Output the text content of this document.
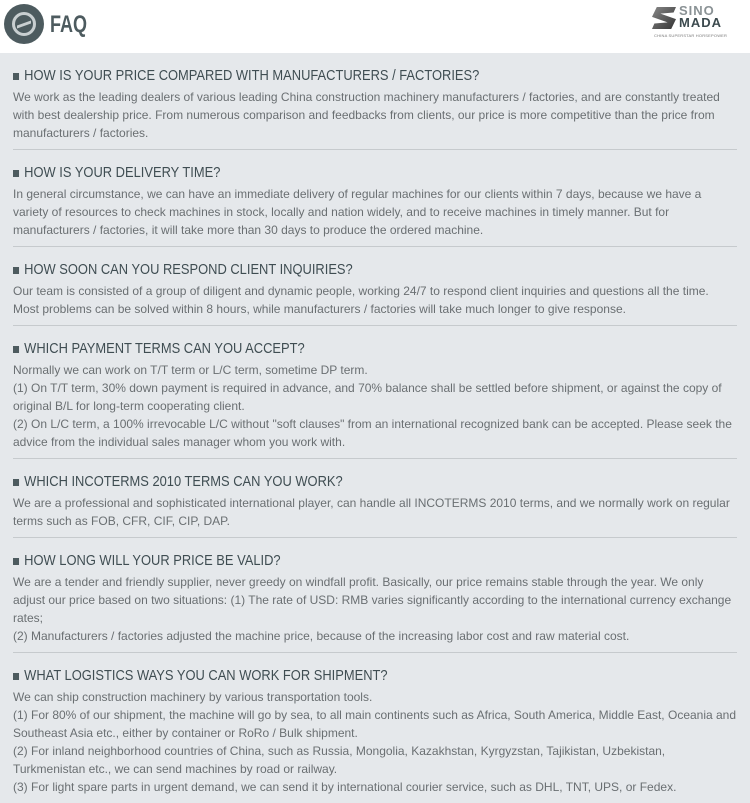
FAQ
SINO
MADA
CHINA SUPERSTAR HORSEPOWER
HOW IS YOUR PRICE COMPARED WITH MANUFACTURERS / FACTORIES?

We work as the leading dealers of various leading China construction machinery manufacturers / factories, and are constantly treated with best dealership price. From numerous comparison and feedbacks from clients, our price is more competitive than the price from manufacturers / factories.

HOW IS YOUR DELIVERY TIME?

In general circumstance, we can have an immediate delivery of regular machines for our clients within 7 days, because we have a variety of resources to check machines in stock, locally and nation widely, and to receive machines in timely manner. But for manufacturers / factories, it will take more than 30 days to produce the ordered machine.

HOW SOON CAN YOU RESPOND CLIENT INQUIRIES?

Our team is consisted of a group of diligent and dynamic people, working 24/7 to respond client inquiries and questions all the time. Most problems can be solved within 8 hours, while manufacturers / factories will take much longer to give response.

WHICH PAYMENT TERMS CAN YOU ACCEPT?

Normally we can work on T/T term or L/C term, sometime DP term.

(1) On T/T term, 30% down payment is required in advance, and 70% balance shall be settled before shipment, or against the copy of original B/L for long-term cooperating client.

(2) On L/C term, a 100% irrevocable L/C without "soft clauses" from an international recognized bank can be accepted. Please seek the advice from the individual sales manager whom you work with.

WHICH INCOTERMS 2010 TERMS CAN YOU WORK?

We are a professional and sophisticated international player, can handle all INCOTERMS 2010 terms, and we normally work on regular terms such as FOB, CFR, CIF, CIP, DAP.

HOW LONG WILL YOUR PRICE BE VALID?

We are a tender and friendly supplier, never greedy on windfall profit. Basically, our price remains stable through the year. We only adjust our price based on two situations: (1) The rate of USD: RMB varies significantly according to the international currency exchange rates;

(2) Manufacturers / factories adjusted the machine price, because of the increasing labor cost and raw material cost.

WHAT LOGISTICS WAYS YOU CAN WORK FOR SHIPMENT?

We can ship construction machinery by various transportation tools.

(1) For 80% of our shipment, the machine will go by sea, to all main continents such as Africa, South America, Middle East, Oceania and Southeast Asia etc., either by container or RoRo / Bulk shipment.

(2) For inland neighborhood countries of China, such as Russia, Mongolia, Kazakhstan, Kyrgyzstan, Tajikistan, Uzbekistan, Turkmenistan etc., we can send machines by road or railway.

(3) For light spare parts in urgent demand, we can send it by international courier service, such as DHL, TNT, UPS, or Fedex.
